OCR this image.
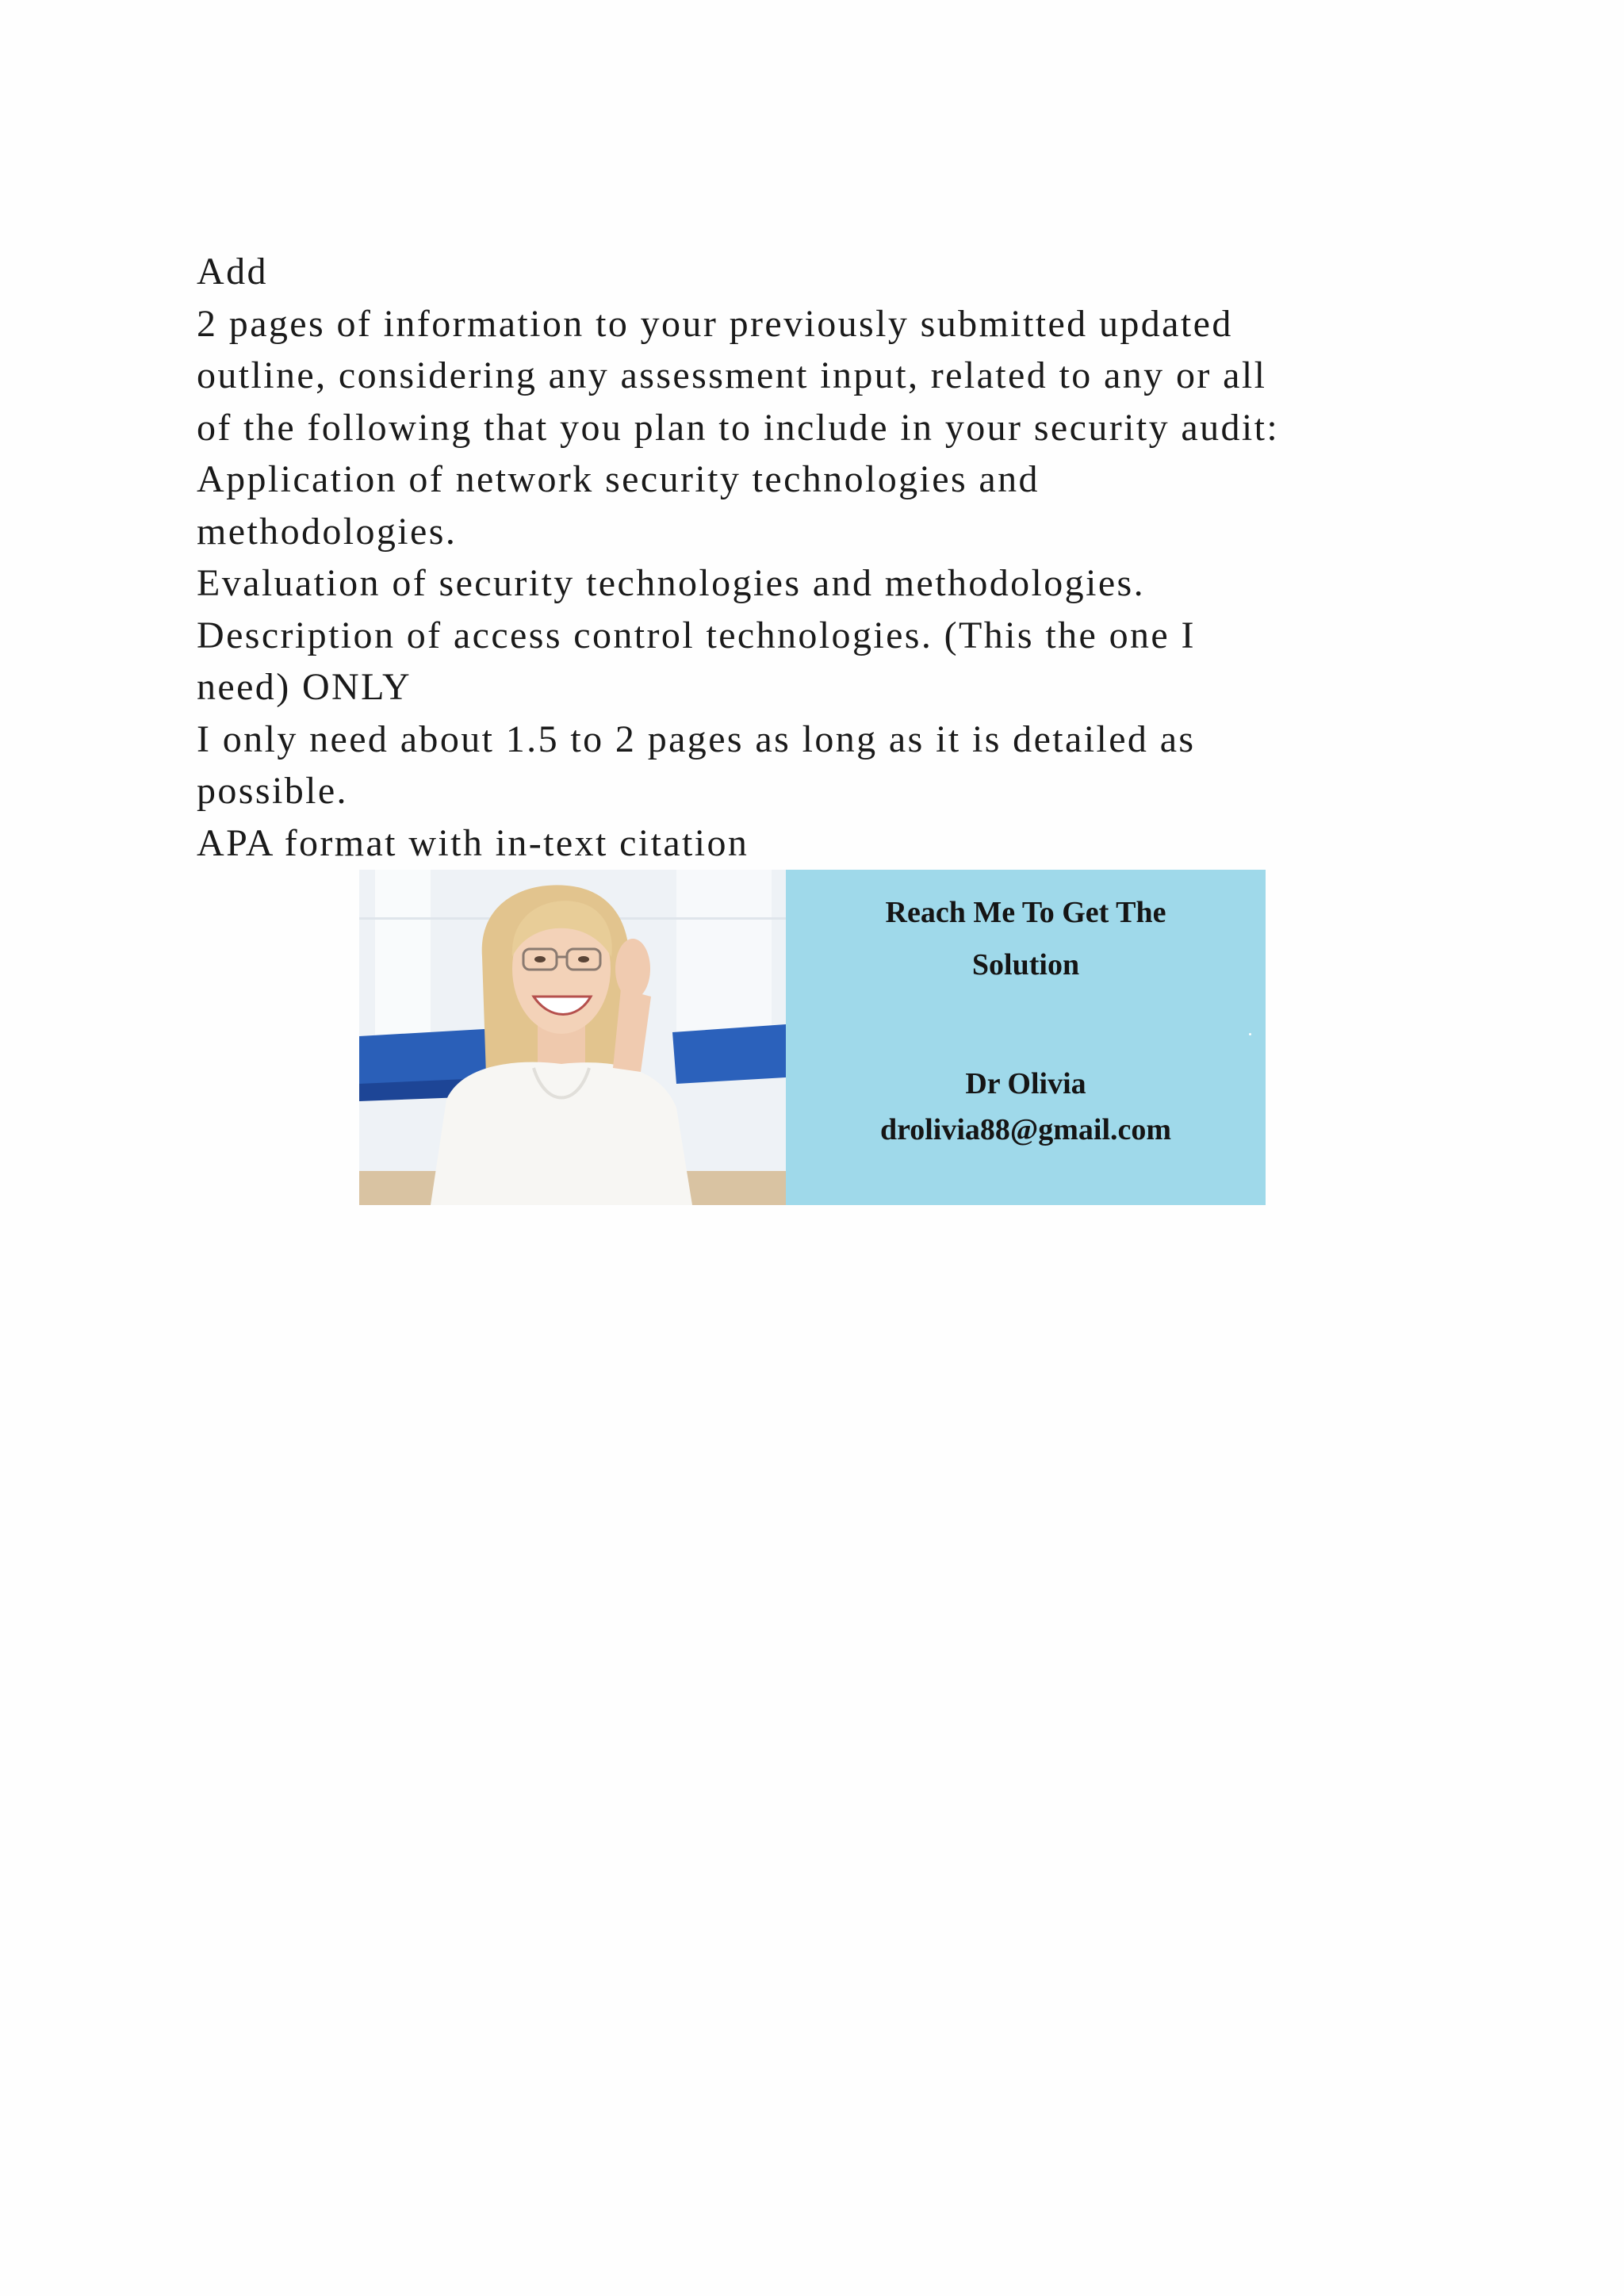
Add
2 pages of information to your previously submitted updated
outline, considering any assessment input, related to any or all
of the following that you plan to include in your security audit:
Application of network security technologies and
methodologies.
Evaluation of security technologies and methodologies.
Description of access control technologies. (This the one I
need) ONLY
I only need about 1.5 to 2 pages as long as it is detailed as
possible.
APA format with in-text citation
Reach Me To Get The
Solution
Dr Olivia
drolivia88@gmail.com
